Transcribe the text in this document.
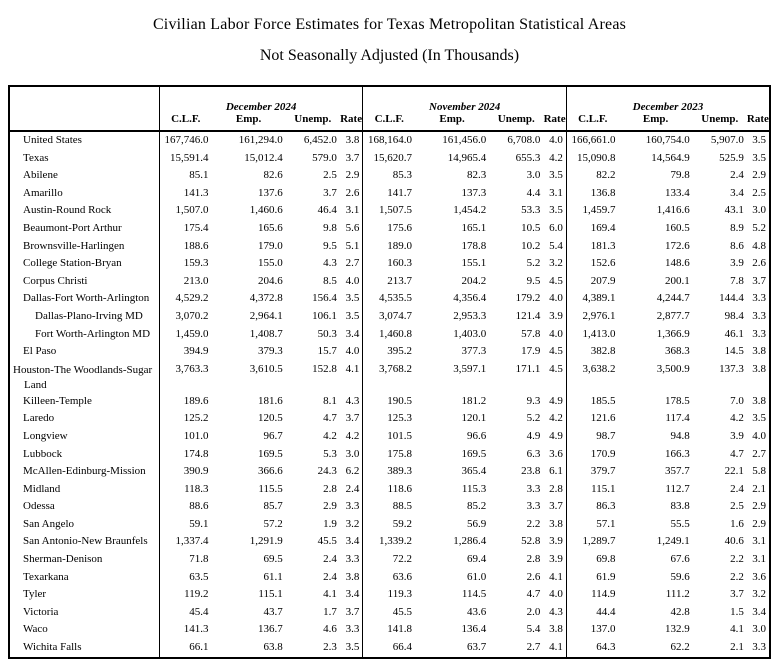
Civilian Labor Force Estimates for Texas Metropolitan Statistical Areas
Not Seasonally Adjusted (In Thousands)
	December 2024				November 2024				December 2023			
	C.L.F.	Emp.	Unemp.	Rate	C.L.F.	Emp.	Unemp.	Rate	C.L.F.	Emp.	Unemp.	Rate
United States	167,746.0	161,294.0	6,452.0	3.8	168,164.0	161,456.0	6,708.0	4.0	166,661.0	160,754.0	5,907.0	3.5
Texas	15,591.4	15,012.4	579.0	3.7	15,620.7	14,965.4	655.3	4.2	15,090.8	14,564.9	525.9	3.5
Abilene	85.1	82.6	2.5	2.9	85.3	82.3	3.0	3.5	82.2	79.8	2.4	2.9
Amarillo	141.3	137.6	3.7	2.6	141.7	137.3	4.4	3.1	136.8	133.4	3.4	2.5
Austin-Round Rock	1,507.0	1,460.6	46.4	3.1	1,507.5	1,454.2	53.3	3.5	1,459.7	1,416.6	43.1	3.0
Beaumont-Port Arthur	175.4	165.6	9.8	5.6	175.6	165.1	10.5	6.0	169.4	160.5	8.9	5.2
Brownsville-Harlingen	188.6	179.0	9.5	5.1	189.0	178.8	10.2	5.4	181.3	172.6	8.6	4.8
College Station-Bryan	159.3	155.0	4.3	2.7	160.3	155.1	5.2	3.2	152.6	148.6	3.9	2.6
Corpus Christi	213.0	204.6	8.5	4.0	213.7	204.2	9.5	4.5	207.9	200.1	7.8	3.7
Dallas-Fort Worth-Arlington	4,529.2	4,372.8	156.4	3.5	4,535.5	4,356.4	179.2	4.0	4,389.1	4,244.7	144.4	3.3
Dallas-Plano-Irving MD	3,070.2	2,964.1	106.1	3.5	3,074.7	2,953.3	121.4	3.9	2,976.1	2,877.7	98.4	3.3
Fort Worth-Arlington MD	1,459.0	1,408.7	50.3	3.4	1,460.8	1,403.0	57.8	4.0	1,413.0	1,366.9	46.1	3.3
El Paso	394.9	379.3	15.7	4.0	395.2	377.3	17.9	4.5	382.8	368.3	14.5	3.8
Houston-The Woodlands-Sugar Land	3,763.3	3,610.5	152.8	4.1	3,768.2	3,597.1	171.1	4.5	3,638.2	3,500.9	137.3	3.8
Killeen-Temple	189.6	181.6	8.1	4.3	190.5	181.2	9.3	4.9	185.5	178.5	7.0	3.8
Laredo	125.2	120.5	4.7	3.7	125.3	120.1	5.2	4.2	121.6	117.4	4.2	3.5
Longview	101.0	96.7	4.2	4.2	101.5	96.6	4.9	4.9	98.7	94.8	3.9	4.0
Lubbock	174.8	169.5	5.3	3.0	175.8	169.5	6.3	3.6	170.9	166.3	4.7	2.7
McAllen-Edinburg-Mission	390.9	366.6	24.3	6.2	389.3	365.4	23.8	6.1	379.7	357.7	22.1	5.8
Midland	118.3	115.5	2.8	2.4	118.6	115.3	3.3	2.8	115.1	112.7	2.4	2.1
Odessa	88.6	85.7	2.9	3.3	88.5	85.2	3.3	3.7	86.3	83.8	2.5	2.9
San Angelo	59.1	57.2	1.9	3.2	59.2	56.9	2.2	3.8	57.1	55.5	1.6	2.9
San Antonio-New Braunfels	1,337.4	1,291.9	45.5	3.4	1,339.2	1,286.4	52.8	3.9	1,289.7	1,249.1	40.6	3.1
Sherman-Denison	71.8	69.5	2.4	3.3	72.2	69.4	2.8	3.9	69.8	67.6	2.2	3.1
Texarkana	63.5	61.1	2.4	3.8	63.6	61.0	2.6	4.1	61.9	59.6	2.2	3.6
Tyler	119.2	115.1	4.1	3.4	119.3	114.5	4.7	4.0	114.9	111.2	3.7	3.2
Victoria	45.4	43.7	1.7	3.7	45.5	43.6	2.0	4.3	44.4	42.8	1.5	3.4
Waco	141.3	136.7	4.6	3.3	141.8	136.4	5.4	3.8	137.0	132.9	4.1	3.0
Wichita Falls	66.1	63.8	2.3	3.5	66.4	63.7	2.7	4.1	64.3	62.2	2.1	3.3
